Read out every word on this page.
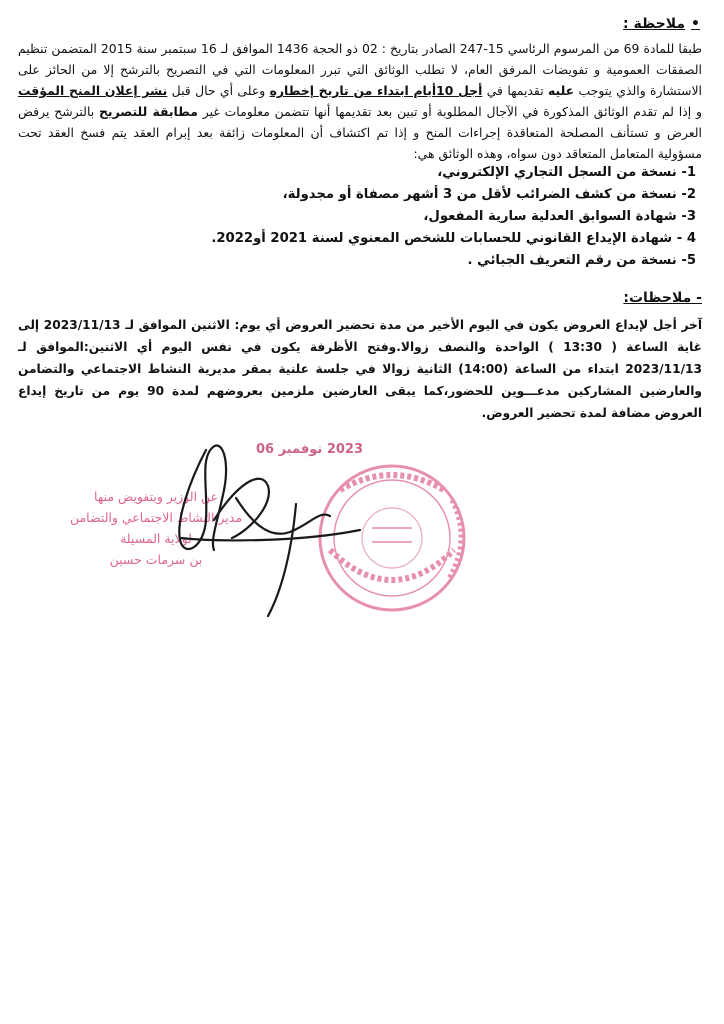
•ملاحظة :
طبقا للمادة 69 من المرسوم الرئاسي 15-247 الصادر بتاريخ : 02 ذو الحجة 1436 الموافق لـ 16 سبتمبر سنة 2015 المتضمن تنظيم الصفقات العمومية و تفويضات المرفق العام، لا تطلب الوثائق التي تبرر المعلومات التي في التصريح بالترشح إلا من الحائز على الاستشارة والذي يتوجب عليه تقديمها في أجل 10أيام ابتداء من تاريخ إخطاره وعلى أي حال قبل نشر إعلان المنح المؤقت و إذا لم تقدم الوثائق المذكورة في الآجال المطلوبة أو تبين بعد تقديمها أنها تتضمن معلومات غير مطابقة للتصريح بالترشح يرفض العرض و تستأنف المصلحة المتعاقدة إجراءات المنح و إذا تم اكتشاف أن المعلومات زائفة بعد إبرام العقد يتم فسخ العقد تحت مسؤولية المتعامل المتعاقد دون سواه، وهذه الوثائق هي:
1- نسخة من السجل التجاري الإلكتروني،
2- نسخة من كشف الضرائب لأقل من 3 أشهر مصفاة أو مجدولة،
3- شهادة السوابق العدلية سارية المفعول،
4 - شهادة الإيداع القانوني للحسابات للشخص المعنوي لسنة 2021 أو2022.
5- نسخة من رقم التعريف الجبائي .
- ملاحظات:
آخر أجل لإيداع العروض يكون في اليوم الأخير من مدة تحضير العروض أي يوم: الاثنين الموافق لـ 2023/11/13 إلى غاية الساعة ( 13:30 ) الواحدة والنصف زوالا.وفتح الأظرفة يكون في نفس اليوم أي الاثنين:الموافق لـ 2023/11/13 ابتداء من الساعة (14:00) الثانية زوالا في جلسة علنية بمقر مديرية النشاط الاجتماعي والتضامن والعارضين المشاركين مدعـــوين للحضور،كما يبقى العارضين ملزمين بعروضهم لمدة 90 يوم من تاريخ إيداع العروض مضافة لمدة تحضير العروض.
2023 نوفمبر 06
عن الوزير وبتفويض منها
مدير النشاط الاجتماعي والتضامن
لولاية المسيلة
بن سرمات حسين
